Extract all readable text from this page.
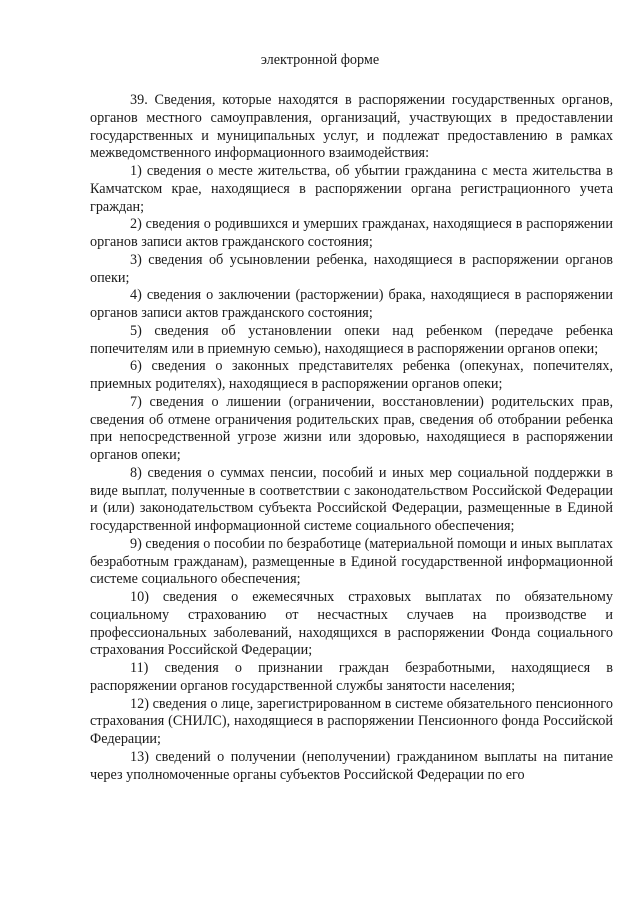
электронной форме

39. Сведения, которые находятся в распоряжении государственных органов, органов местного самоуправления, организаций, участвующих в предоставлении государственных и муниципальных услуг, и подлежат предоставлению в рамках межведомственного информационного взаимодействия:

1) сведения о месте жительства, об убытии гражданина с места жительства в Камчатском крае, находящиеся в распоряжении органа регистрационного учета граждан;

2) сведения о родившихся и умерших гражданах, находящиеся в распоряжении органов записи актов гражданского состояния;

3) сведения об усыновлении ребенка, находящиеся в распоряжении органов опеки;

4) сведения о заключении (расторжении) брака, находящиеся в распоряжении органов записи актов гражданского состояния;

5) сведения об установлении опеки над ребенком (передаче ребенка попечителям или в приемную семью), находящиеся в распоряжении органов опеки;

6) сведения о законных представителях ребенка (опекунах, попечителях, приемных родителях), находящиеся в распоряжении органов опеки;

7) сведения о лишении (ограничении, восстановлении) родительских прав, сведения об отмене ограничения родительских прав, сведения об отобрании ребенка при непосредственной угрозе жизни или здоровью, находящиеся в распоряжении органов опеки;

8) сведения о суммах пенсии, пособий и иных мер социальной поддержки в виде выплат, полученные в соответствии с законодательством Российской Федерации и (или) законодательством субъекта Российской Федерации, размещенные в Единой государственной информационной системе социального обеспечения;

9) сведения о пособии по безработице (материальной помощи и иных выплатах безработным гражданам), размещенные в Единой государственной информационной системе социального обеспечения;

10) сведения о ежемесячных страховых выплатах по обязательному социальному страхованию от несчастных случаев на производстве и профессиональных заболеваний, находящихся в распоряжении Фонда социального страхования Российской Федерации;

11) сведения о признании граждан безработными, находящиеся в распоряжении органов государственной службы занятости населения;

12) сведения о лице, зарегистрированном в системе обязательного пенсионного страхования (СНИЛС), находящиеся в распоряжении Пенсионного фонда Российской Федерации;

13) сведений о получении (неполучении) гражданином выплаты на питание через уполномоченные органы субъектов Российской Федерации по его
